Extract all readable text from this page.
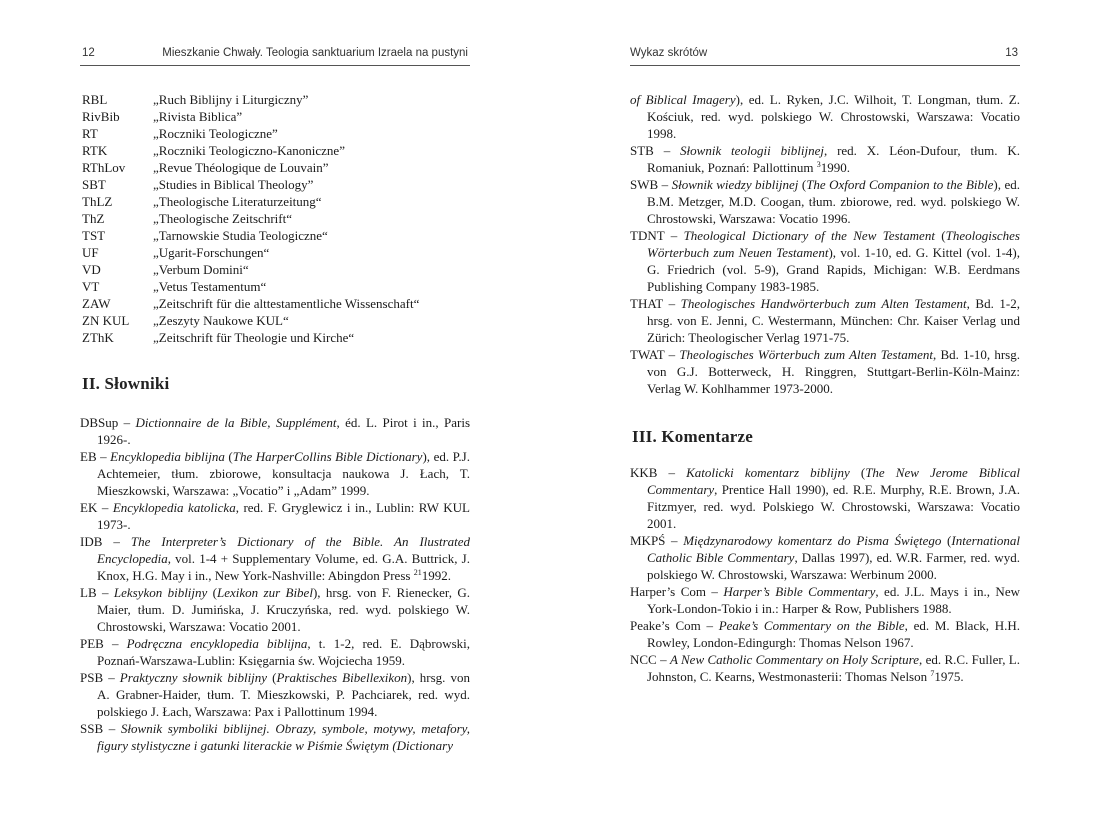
12	Mieszkanie Chwały. Teologia sanktuarium Izraela na pustyni
RBL	„Ruch Biblijny i Liturgiczny”
RivBib	„Rivista Biblica”
RT	„Roczniki Teologiczne”
RTK	„Roczniki Teologiczno-Kanoniczne”
RThLov	„Revue Théologique de Louvain”
SBT	„Studies in Biblical Theology”
ThLZ	„Theologische Literaturzeitung“
ThZ	„Theologische Zeitschrift“
TST	„Tarnowskie Studia Teologiczne“
UF	„Ugarit-Forschungen“
VD	„Verbum Domini“
VT	„Vetus Testamentum“
ZAW	„Zeitschrift für die alttestamentliche Wissenschaft“
ZN KUL	„Zeszyty Naukowe KUL“
ZThK	„Zeitschrift für Theologie und Kirche“
II. Słowniki
DBSup – Dictionnaire de la Bible, Supplément, éd. L. Pirot i in., Paris 1926-.
EB – Encyklopedia biblijna (The HarperCollins Bible Dictionary), ed. P.J. Achtemeier, tłum. zbiorowe, konsultacja naukowa J. Łach, T. Mieszkowski, Warszawa: „Vocatio” i „Adam” 1999.
EK – Encyklopedia katolicka, red. F. Gryglewicz i in., Lublin: RW KUL 1973-.
IDB – The Interpreter’s Dictionary of the Bible. An Ilustrated Encyclopedia, vol. 1-4 + Supplementary Volume, ed. G.A. Buttrick, J. Knox, H.G. May i in., New York-Nashville: Abingdon Press $^{21}$1992.
LB – Leksykon biblijny (Lexikon zur Bibel), hrsg. von F. Rienecker, G. Maier, tłum. D. Jumińska, J. Kruczyńska, red. wyd. polskiego W. Chrostowski, Warszawa: Vocatio 2001.
PEB – Podręczna encyklopedia biblijna, t. 1-2, red. E. Dąbrowski, Poznań-Warszawa-Lublin: Księgarnia św. Wojciecha 1959.
PSB – Praktyczny słownik biblijny (Praktisches Bibellexikon), hrsg. von A. Grabner-Haider, tłum. T. Mieszkowski, P. Pachciarek, red. wyd. polskiego J. Łach, Warszawa: Pax i Pallottinum 1994.
SSB – Słownik symboliki biblijnej. Obrazy, symbole, motywy, metafory, figury stylistyczne i gatunki literackie w Piśmie Świętym (Dictionary
Wykaz skrótów	13
of Biblical Imagery), ed. L. Ryken, J.C. Wilhoit, T. Longman, tłum. Z. Kościuk, red. wyd. polskiego W. Chrostowski, Warszawa: Vocatio 1998.
STB – Słownik teologii biblijnej, red. X. Léon-Dufour, tłum. K. Romaniuk, Poznań: Pallottinum $^3$1990.
SWB – Słownik wiedzy biblijnej (The Oxford Companion to the Bible), ed. B.M. Metzger, M.D. Coogan, tłum. zbiorowe, red. wyd. polskiego W. Chrostowski, Warszawa: Vocatio 1996.
TDNT – Theological Dictionary of the New Testament (Theologisches Wörterbuch zum Neuen Testament), vol. 1-10, ed. G. Kittel (vol. 1-4), G. Friedrich (vol. 5-9), Grand Rapids, Michigan: W.B. Eerdmans Publishing Company 1983-1985.
THAT – Theologisches Handwörterbuch zum Alten Testament, Bd. 1-2, hrsg. von E. Jenni, C. Westermann, München: Chr. Kaiser Verlag und Zürich: Theologischer Verlag 1971-75.
TWAT – Theologisches Wörterbuch zum Alten Testament, Bd. 1-10, hrsg. von G.J. Botterweck, H. Ringgren, Stuttgart-Berlin-Köln-Mainz: Verlag W. Kohlhammer 1973-2000.
III. Komentarze
KKB – Katolicki komentarz biblijny (The New Jerome Biblical Commentary, Prentice Hall 1990), ed. R.E. Murphy, R.E. Brown, J.A. Fitzmyer, red. wyd. Polskiego W. Chrostowski, Warszawa: Vocatio 2001.
MKPŚ – Międzynarodowy komentarz do Pisma Świętego (International Catholic Bible Commentary, Dallas 1997), ed. W.R. Farmer, red. wyd. polskiego W. Chrostowski, Warszawa: Werbinum 2000.
Harper’s Com – Harper’s Bible Commentary, ed. J.L. Mays i in., New York-London-Tokio i in.: Harper & Row, Publishers 1988.
Peake’s Com – Peake’s Commentary on the Bible, ed. M. Black, H.H. Rowley, London-Edingurgh: Thomas Nelson 1967.
NCC – A New Catholic Commentary on Holy Scripture, ed. R.C. Fuller, L. Johnston, C. Kearns, Westmonasterii: Thomas Nelson $^7$1975.
